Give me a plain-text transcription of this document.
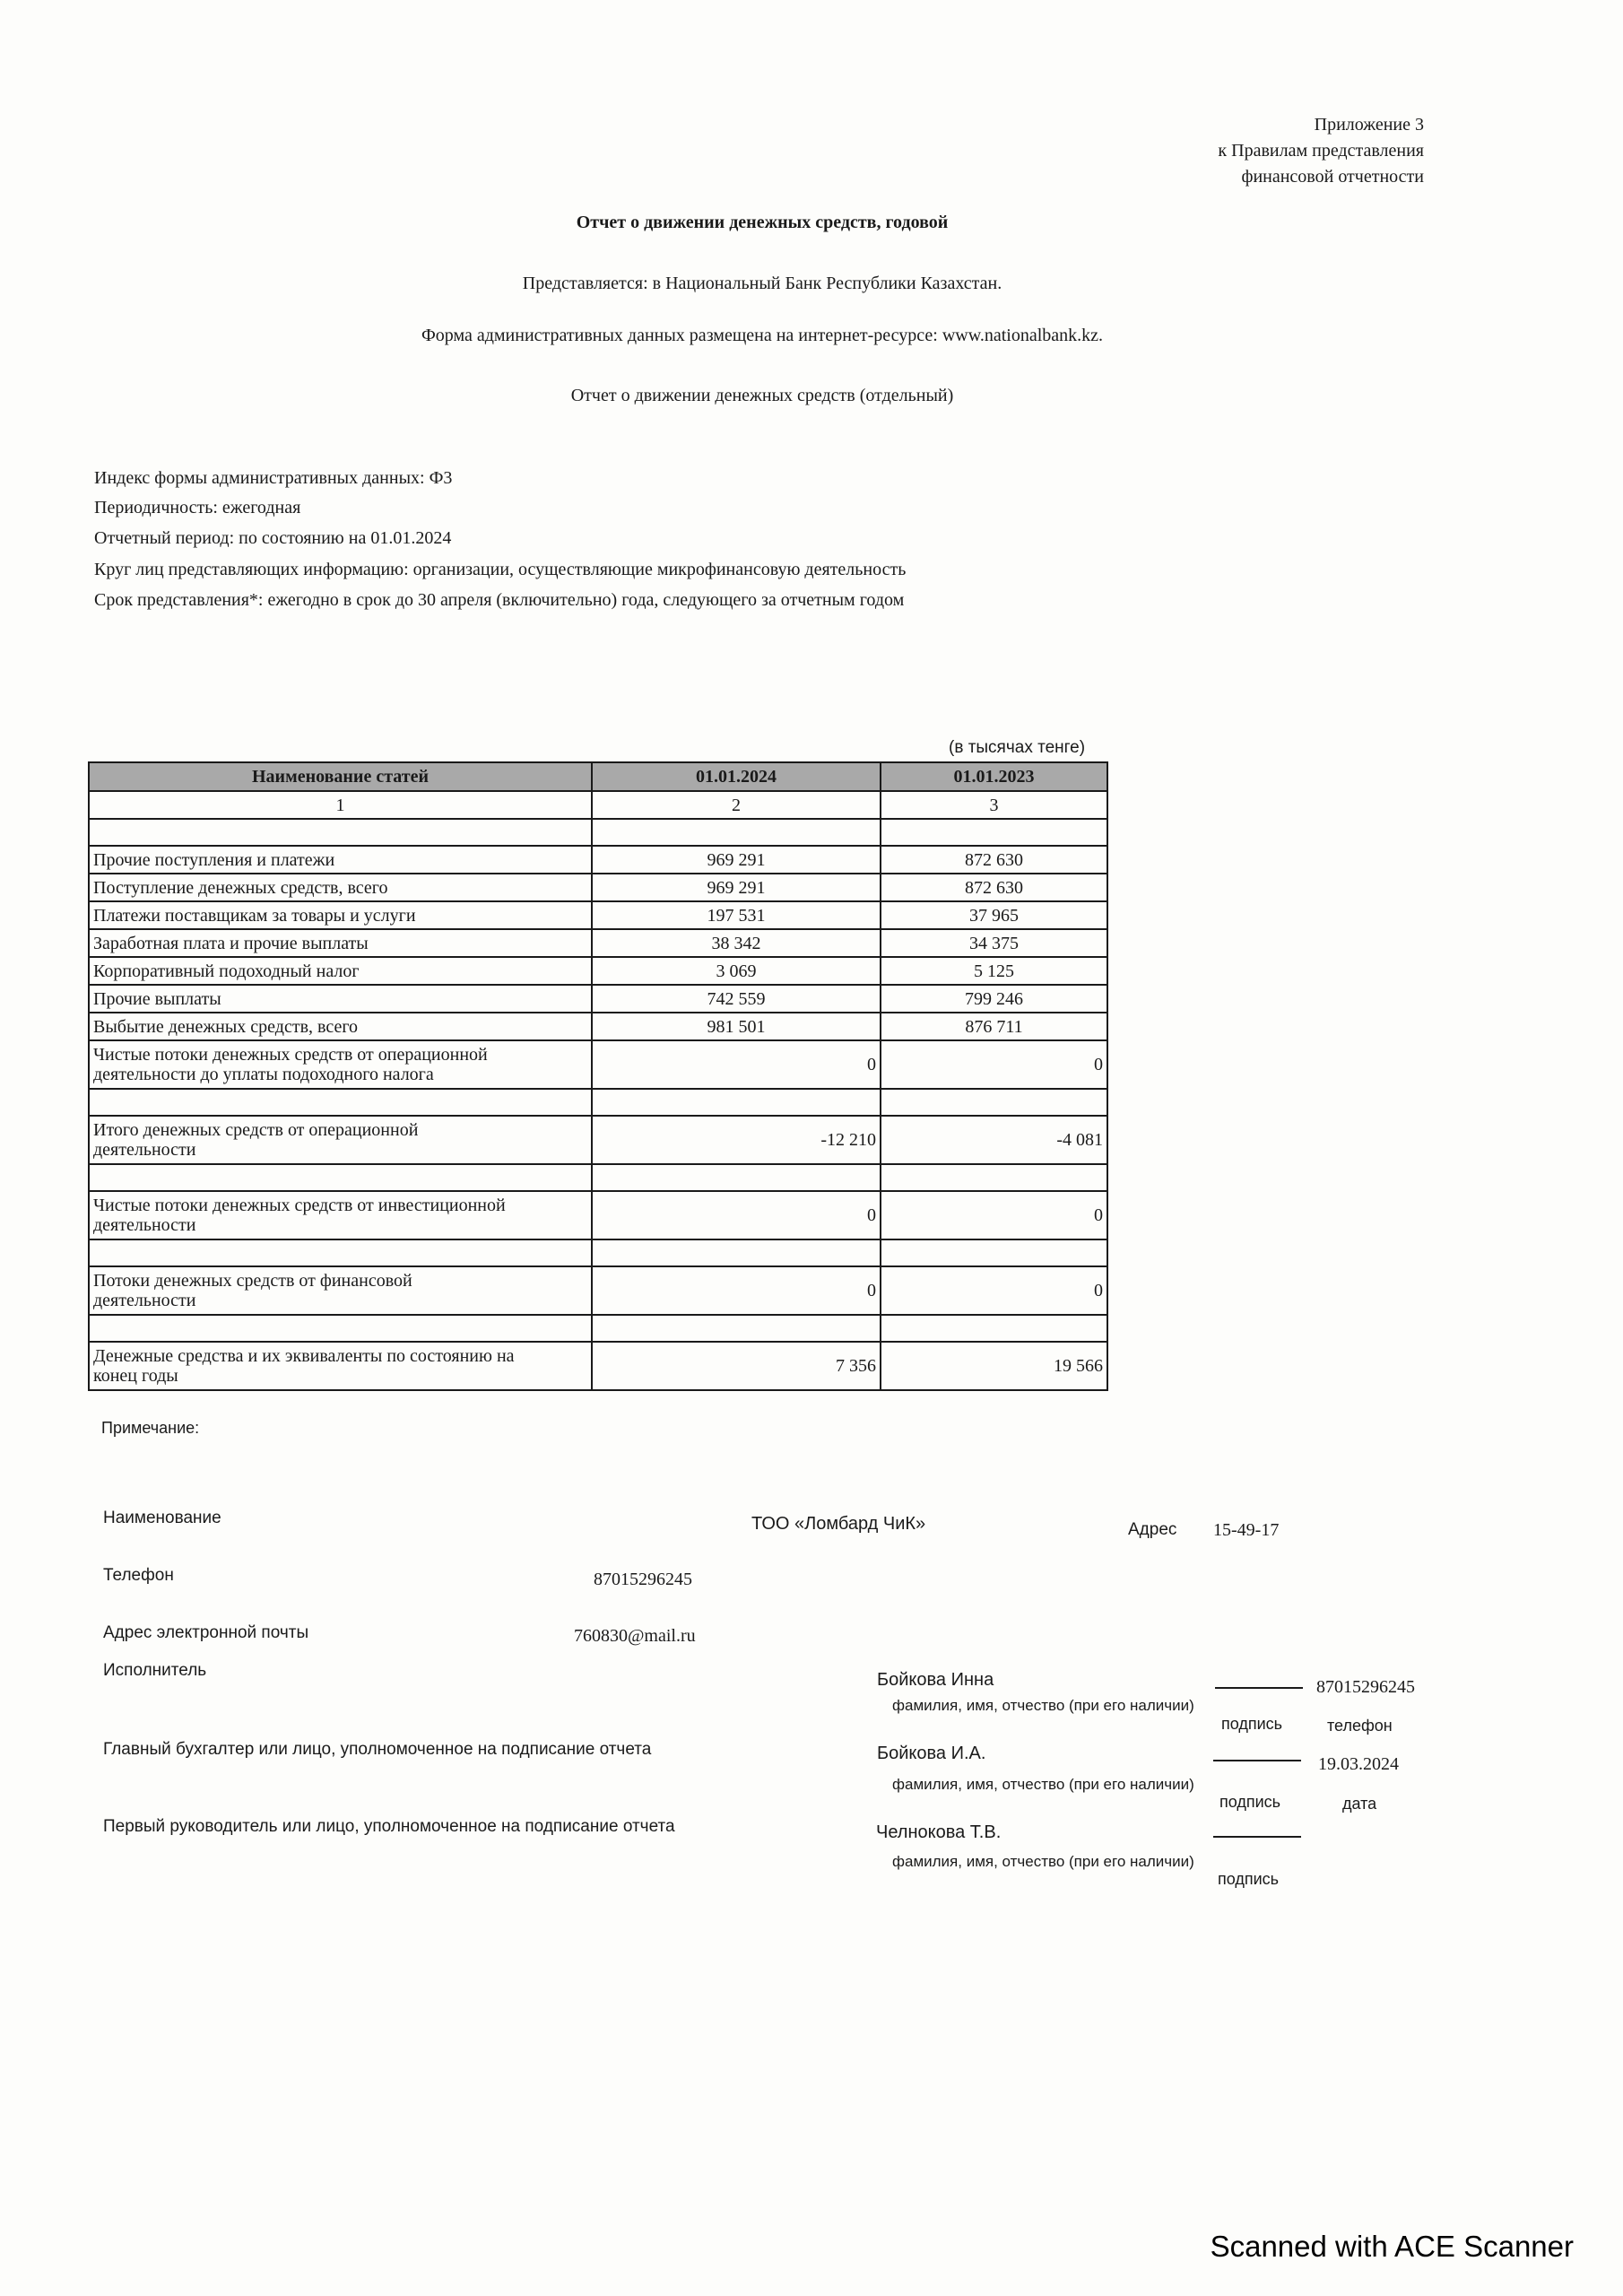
Приложение 3
к Правилам представления
финансовой отчетности
Отчет о движении денежных средств, годовой
Представляется: в Национальный Банк Республики Казахстан.
Форма административных данных размещена на интернет-ресурсе: www.nationalbank.kz.
Отчет о движении денежных средств (отдельный)
Индекс формы административных данных: Ф3
Периодичность: ежегодная
Отчетный период: по состоянию на 01.01.2024
Круг лиц представляющих информацию: организации, осуществляющие микрофинансовую деятельность
Срок представления*: ежегодно в срок до 30 апреля (включительно) года, следующего за отчетным годом
(в тысячах тенге)
Наименование статей	01.01.2024	01.01.2023
1	2	3

Прочие поступления и платежи	969 291	872 630
Поступление денежных средств, всего	969 291	872 630
Платежи поставщикам за товары и услуги	197 531	37 965
Заработная плата и прочие выплаты	38 342	34 375
Корпоративный подоходный налог	3 069	5 125
Прочие выплаты	742 559	799 246
Выбытие денежных средств, всего	981 501	876 711

Чистые потоки денежных средств от операционной
деятельности до уплаты подоходного налога	0	0

Итого денежных средств от операционной
деятельности	-12 210	-4 081

Чистые потоки денежных средств от инвестиционной
деятельности	0	0

Потоки денежных средств от финансовой
деятельности	0	0

Денежные средства и их эквиваленты по состоянию на
конец годы	7 356	19 566
Примечание:
Наименование	ТОО «Ломбард ЧиК»	Адрес 15-49-17
Телефон	87015296245
Адрес электронной почты	760830@mail.ru
Исполнитель	Бойкова Инна
фамилия, имя, отчество (при его наличии)
87015296245
подпись	телефон
Главный бухгалтер или лицо, уполномоченное на подписание отчета	Бойкова И.А.
19.03.2024
фамилия, имя, отчество (при его наличии)
подпись	дата
Первый руководитель или лицо, уполномоченное на подписание отчета	Челнокова Т.В.
фамилия, имя, отчество (при его наличии)
подпись
Scanned with ACE Scanner
